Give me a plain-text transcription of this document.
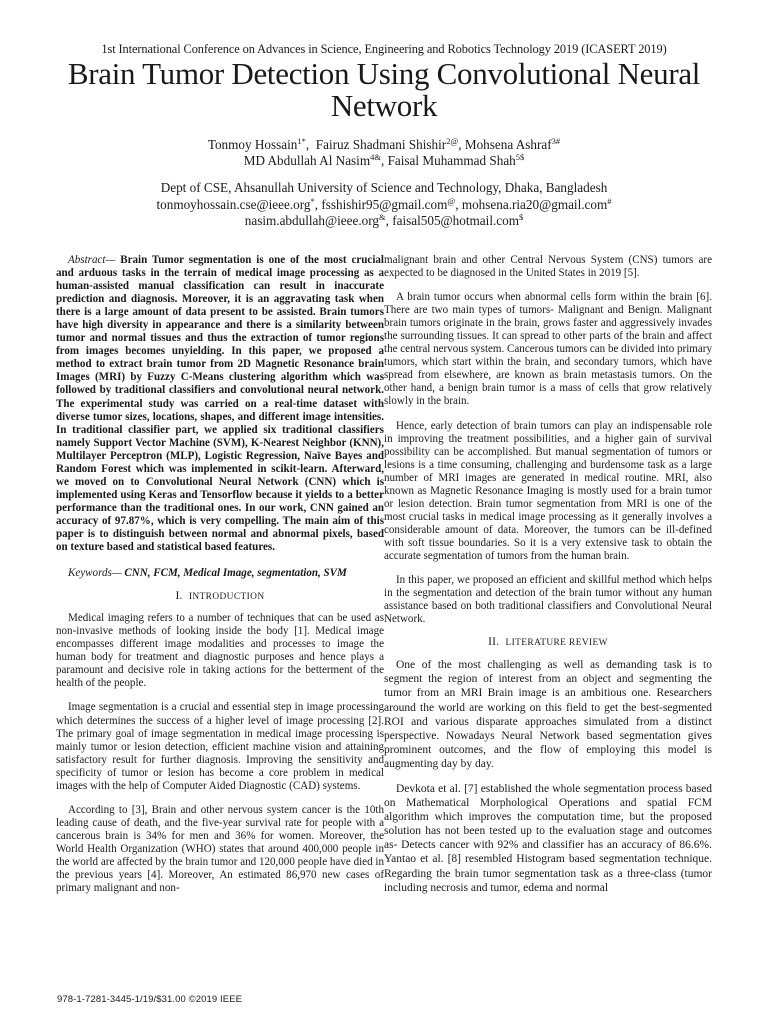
1st International Conference on Advances in Science, Engineering and Robotics Technology 2019 (ICASERT 2019)
Brain Tumor Detection Using Convolutional Neural Network
Tonmoy Hossain$^{1*}$, Fairuz Shadmani Shishir$^{2@}$, Mohsena Ashraf$^{3\#}$
MD Abdullah Al Nasim$^{4\&}$, Faisal Muhammad Shah$^{5\$}$
Dept of CSE, Ahsanullah University of Science and Technology, Dhaka, Bangladesh
tonmoyhossain.cse@ieee.org*, fsshishir95@gmail.com@, mohsena.ria20@gmail.com#
nasim.abdullah@ieee.org&, faisal505@hotmail.com$

Abstract— Brain Tumor segmentation is one of the most crucial and arduous tasks in the terrain of medical image processing as a human-assisted manual classification can result in inaccurate prediction and diagnosis. Moreover, it is an aggravating task when there is a large amount of data present to be assisted. Brain tumors have high diversity in appearance and there is a similarity between tumor and normal tissues and thus the extraction of tumor regions from images becomes unyielding. In this paper, we proposed a method to extract brain tumor from 2D Magnetic Resonance brain Images (MRI) by Fuzzy C-Means clustering algorithm which was followed by traditional classifiers and convolutional neural network. The experimental study was carried on a real-time dataset with diverse tumor sizes, locations, shapes, and different image intensities. In traditional classifier part, we applied six traditional classifiers namely Support Vector Machine (SVM), K-Nearest Neighbor (KNN), Multilayer Perceptron (MLP), Logistic Regression, Naïve Bayes and Random Forest which was implemented in scikit-learn. Afterward, we moved on to Convolutional Neural Network (CNN) which is implemented using Keras and Tensorflow because it yields to a better performance than the traditional ones. In our work, CNN gained an accuracy of 97.87%, which is very compelling. The main aim of this paper is to distinguish between normal and abnormal pixels, based on texture based and statistical based features.

Keywords— CNN, FCM, Medical Image, segmentation, SVM

I. INTRODUCTION

Medical imaging refers to a number of techniques that can be used as non-invasive methods of looking inside the body [1]. Medical image encompasses different image modalities and processes to image the human body for treatment and diagnostic purposes and hence plays a paramount and decisive role in taking actions for the betterment of the health of the people.

Image segmentation is a crucial and essential step in image processing which determines the success of a higher level of image processing [2]. The primary goal of image segmentation in medical image processing is mainly tumor or lesion detection, efficient machine vision and attaining satisfactory result for further diagnosis. Improving the sensitivity and specificity of tumor or lesion has become a core problem in medical images with the help of Computer Aided Diagnostic (CAD) systems.

According to [3], Brain and other nervous system cancer is the 10th leading cause of death, and the five-year survival rate for people with a cancerous brain is 34% for men and 36% for women. Moreover, the World Health Organization (WHO) states that around 400,000 people in the world are affected by the brain tumor and 120,000 people have died in the previous years [4]. Moreover, An estimated 86,970 new cases of primary malignant and non-

malignant brain and other Central Nervous System (CNS) tumors are expected to be diagnosed in the United States in 2019 [5].

A brain tumor occurs when abnormal cells form within the brain [6]. There are two main types of tumors- Malignant and Benign. Malignant brain tumors originate in the brain, grows faster and aggressively invades the surrounding tissues. It can spread to other parts of the brain and affect the central nervous system. Cancerous tumors can be divided into primary tumors, which start within the brain, and secondary tumors, which have spread from elsewhere, are known as brain metastasis tumors. On the other hand, a benign brain tumor is a mass of cells that grow relatively slowly in the brain.

Hence, early detection of brain tumors can play an indispensable role in improving the treatment possibilities, and a higher gain of survival possibility can be accomplished. But manual segmentation of tumors or lesions is a time consuming, challenging and burdensome task as a large number of MRI images are generated in medical routine. MRI, also known as Magnetic Resonance Imaging is mostly used for a brain tumor or lesion detection. Brain tumor segmentation from MRI is one of the most crucial tasks in medical image processing as it generally involves a considerable amount of data. Moreover, the tumors can be ill-defined with soft tissue boundaries. So it is a very extensive task to obtain the accurate segmentation of tumors from the human brain.

In this paper, we proposed an efficient and skillful method which helps in the segmentation and detection of the brain tumor without any human assistance based on both traditional classifiers and Convolutional Neural Network.

II. LITERATURE REVIEW

One of the most challenging as well as demanding task is to segment the region of interest from an object and segmenting the tumor from an MRI Brain image is an ambitious one. Researchers around the world are working on this field to get the best-segmented ROI and various disparate approaches simulated from a distinct perspective. Nowadays Neural Network based segmentation gives prominent outcomes, and the flow of employing this model is augmenting day by day.

Devkota et al. [7] established the whole segmentation process based on Mathematical Morphological Operations and spatial FCM algorithm which improves the computation time, but the proposed solution has not been tested up to the evaluation stage and outcomes as- Detects cancer with 92% and classifier has an accuracy of 86.6%. Yantao et al. [8] resembled Histogram based segmentation technique. Regarding the brain tumor segmentation task as a three-class (tumor including necrosis and tumor, edema and normal

978-1-7281-3445-1/19/$31.00 ©2019 IEEE
